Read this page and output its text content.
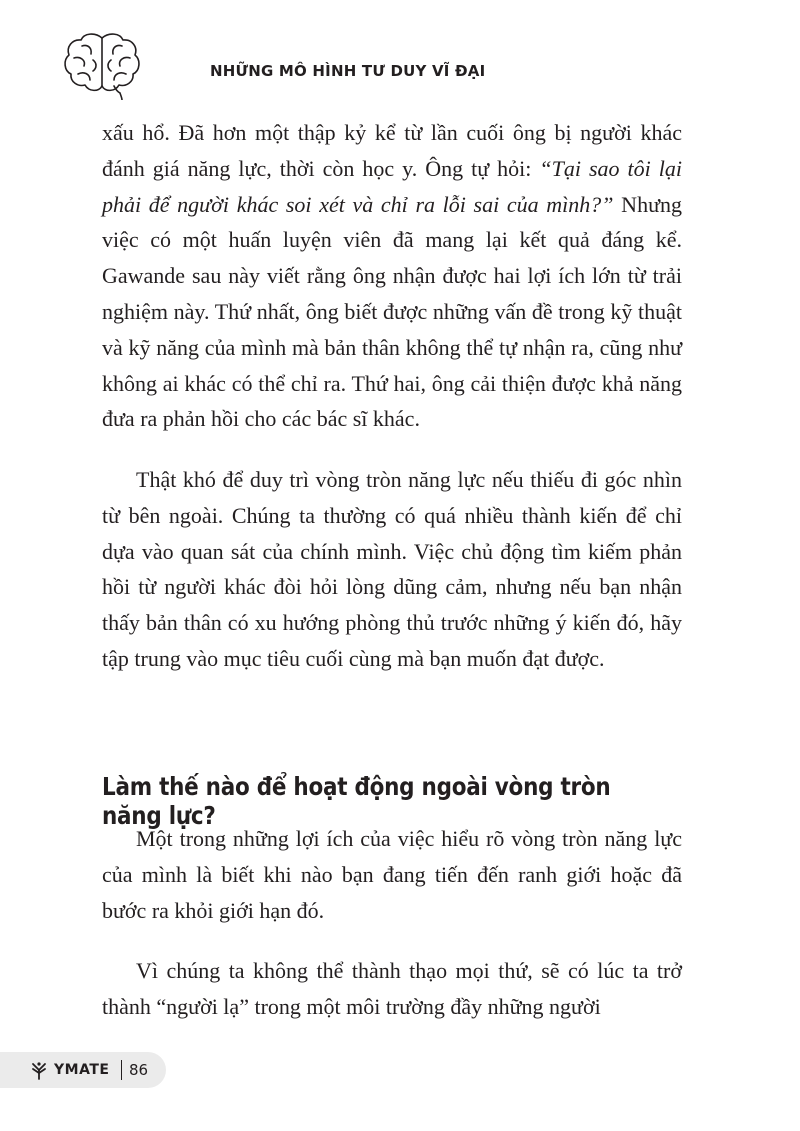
NHỮNG MÔ HÌNH TƯ DUY VĨ ĐẠI

xấu hổ. Đã hơn một thập kỷ kể từ lần cuối ông bị người khác đánh giá năng lực, thời còn học y. Ông tự hỏi: “Tại sao tôi lại phải để người khác soi xét và chỉ ra lỗi sai của mình?” Nhưng việc có một huấn luyện viên đã mang lại kết quả đáng kể. Gawande sau này viết rằng ông nhận được hai lợi ích lớn từ trải nghiệm này. Thứ nhất, ông biết được những vấn đề trong kỹ thuật và kỹ năng của mình mà bản thân không thể tự nhận ra, cũng như không ai khác có thể chỉ ra. Thứ hai, ông cải thiện được khả năng đưa ra phản hồi cho các bác sĩ khác.

Thật khó để duy trì vòng tròn năng lực nếu thiếu đi góc nhìn từ bên ngoài. Chúng ta thường có quá nhiều thành kiến để chỉ dựa vào quan sát của chính mình. Việc chủ động tìm kiếm phản hồi từ người khác đòi hỏi lòng dũng cảm, nhưng nếu bạn nhận thấy bản thân có xu hướng phòng thủ trước những ý kiến đó, hãy tập trung vào mục tiêu cuối cùng mà bạn muốn đạt được.

Làm thế nào để hoạt động ngoài vòng tròn năng lực?

Một trong những lợi ích của việc hiểu rõ vòng tròn năng lực của mình là biết khi nào bạn đang tiến đến ranh giới hoặc đã bước ra khỏi giới hạn đó.

Vì chúng ta không thể thành thạo mọi thứ, sẽ có lúc ta trở thành “người lạ” trong một môi trường đầy những người

YMATE 86
